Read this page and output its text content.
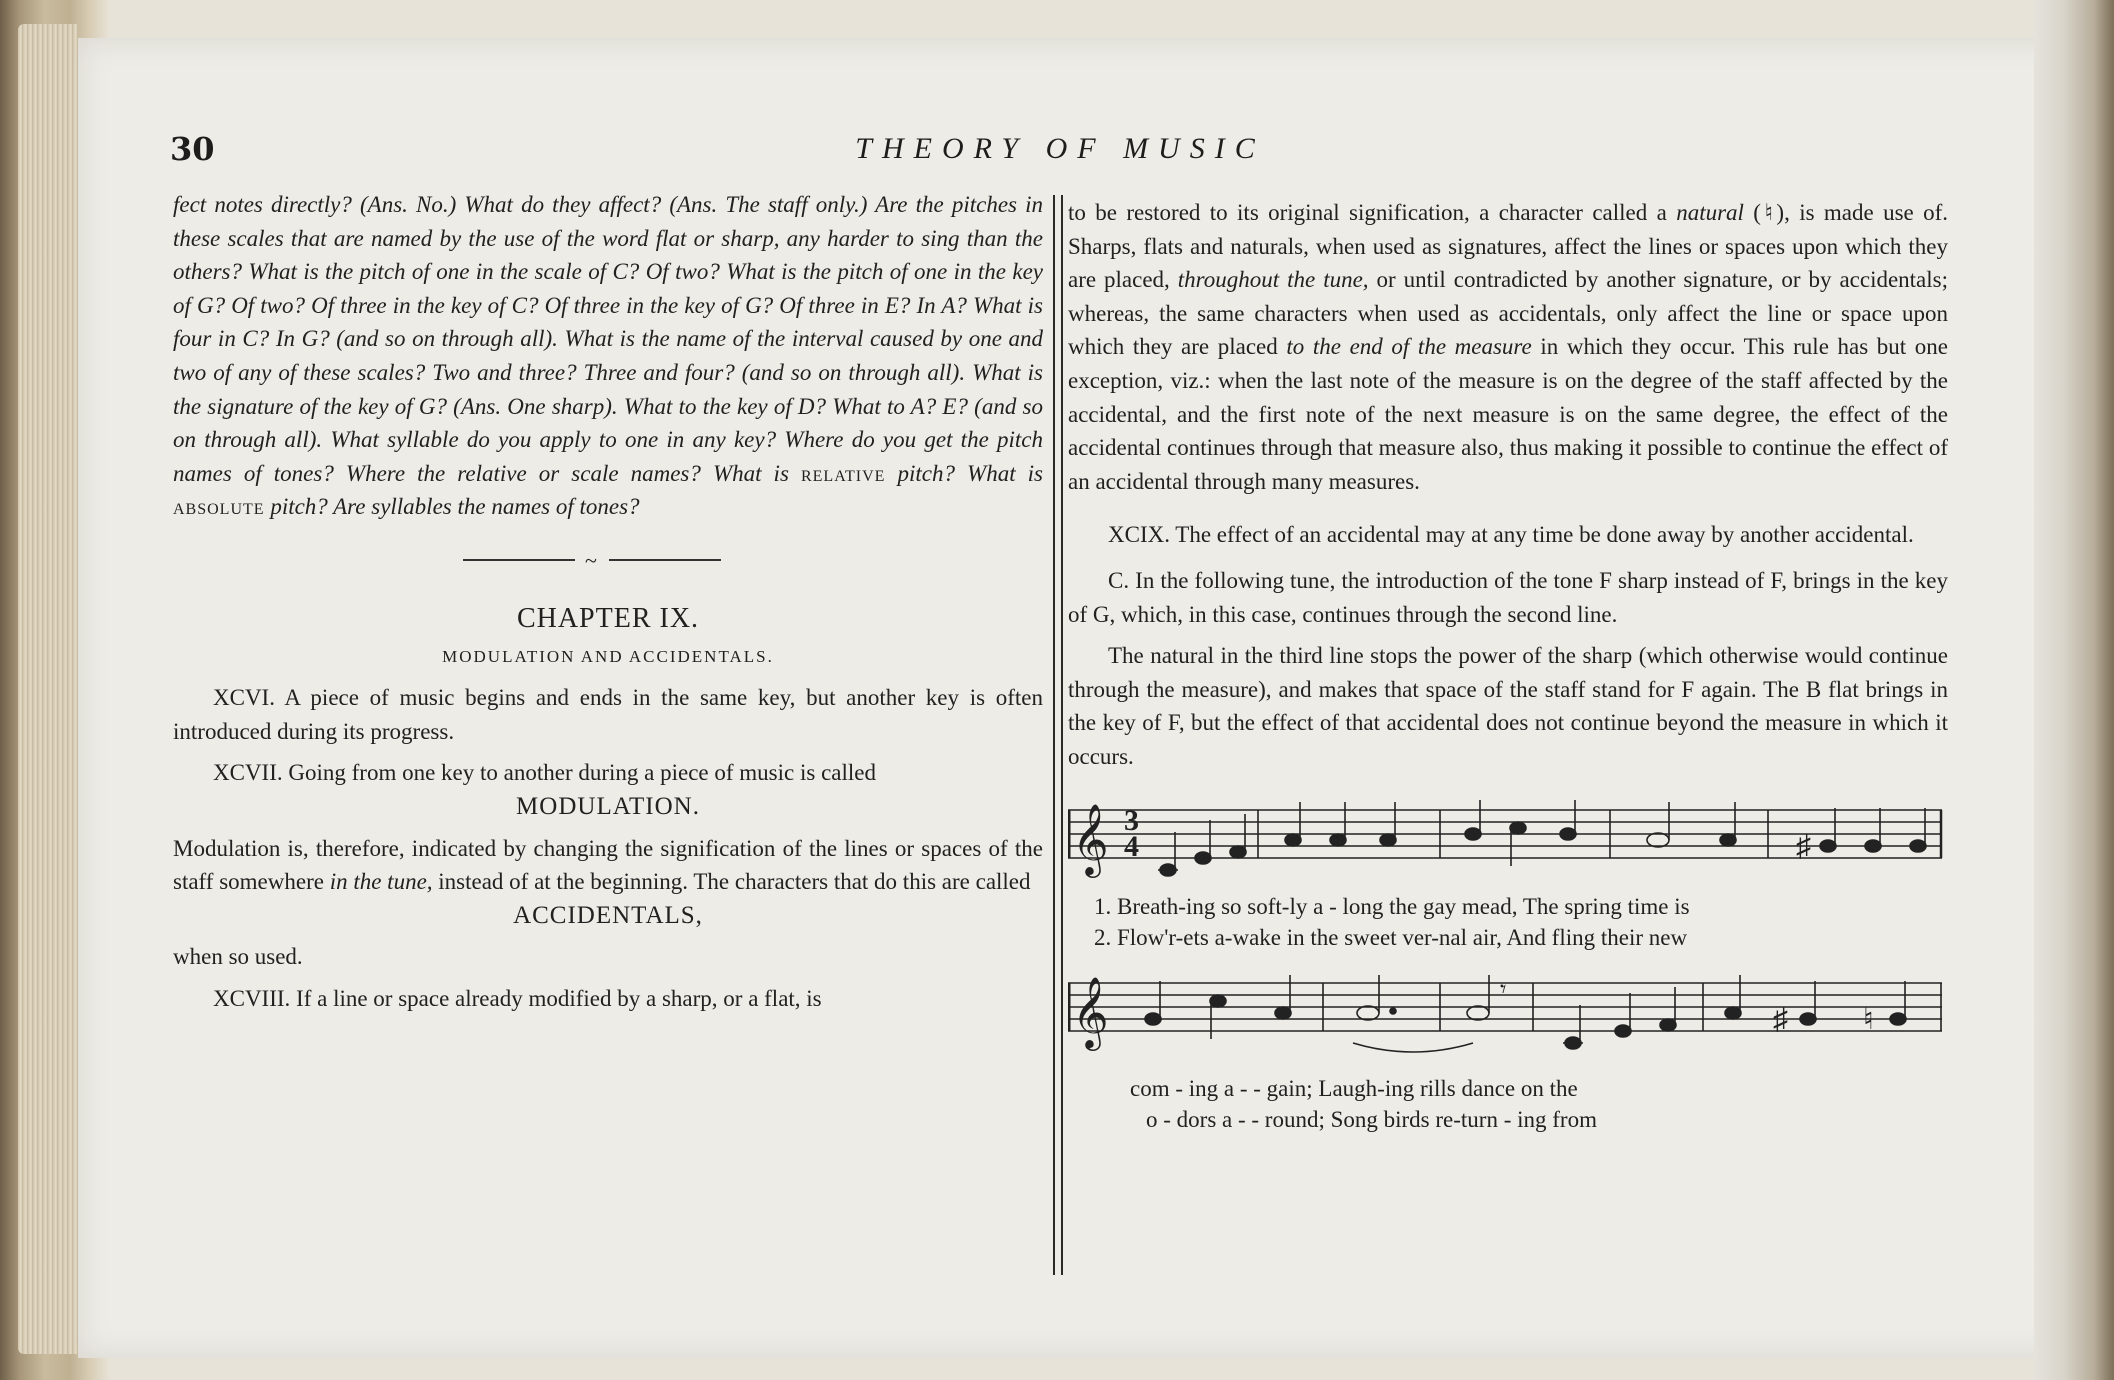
30	THEORY OF MUSIC

fect notes directly? (Ans. No.) What do they affect? (Ans. The staff only.) Are the pitches in these scales that are named by the use of the word flat or sharp, any harder to sing than the others? What is the pitch of one in the scale of C? Of two? What is the pitch of one in the key of G? Of two? Of three in the key of C? Of three in the key of G? Of three in E? In A? What is four in C? In G? (and so on through all). What is the name of the interval caused by one and two of any of these scales? Two and three? Three and four? (and so on through all). What is the signature of the key of G? (Ans. One sharp). What to the key of D? What to A? E? (and so on through all). What syllable do you apply to one in any key? Where do you get the pitch names of tones? Where the relative or scale names? What is relative pitch? What is absolute pitch? Are syllables the names of tones?

~
CHAPTER IX.
MODULATION AND ACCIDENTALS.

XCVI. A piece of music begins and ends in the same key, but another key is often introduced during its progress.

XCVII. Going from one key to another during a piece of music is called

MODULATION.

Modulation is, therefore, indicated by changing the signification of the lines or spaces of the staff somewhere in the tune, instead of at the beginning. The characters that do this are called

ACCIDENTALS,

when so used.

XCVIII. If a line or space already modified by a sharp, or a flat, is

to be restored to its original signification, a character called a natural (♮), is made use of. Sharps, flats and naturals, when used as signatures, affect the lines or spaces upon which they are placed, throughout the tune, or until contradicted by another signature, or by accidentals; whereas, the same characters when used as accidentals, only affect the line or space upon which they are placed to the end of the measure in which they occur. This rule has but one exception, viz.: when the last note of the measure is on the degree of the staff affected by the accidental, and the first note of the next measure is on the same degree, the effect of the accidental continues through that measure also, thus making it possible to continue the effect of an accidental through many measures.

XCIX. The effect of an accidental may at any time be done away by another accidental.

C. In the following tune, the introduction of the tone F sharp instead of F, brings in the key of G, which, in this case, continues through the second line.

The natural in the third line stops the power of the sharp (which otherwise would continue through the measure), and makes that space of the staff stand for F again. The B flat brings in the key of F, but the effect of that accidental does not continue beyond the measure in which it occurs.

𝄞 3
4	♯
1. Breath-ing so soft-ly a - long the gay mead, The spring time is
2. Flow'r-ets a-wake in the sweet ver-nal air, And fling their new
𝄞	𝄾
♯	♮
com - ing a - - gain; Laugh-ing rills dance on the
o - dors a - - round; Song birds re-turn - ing from
